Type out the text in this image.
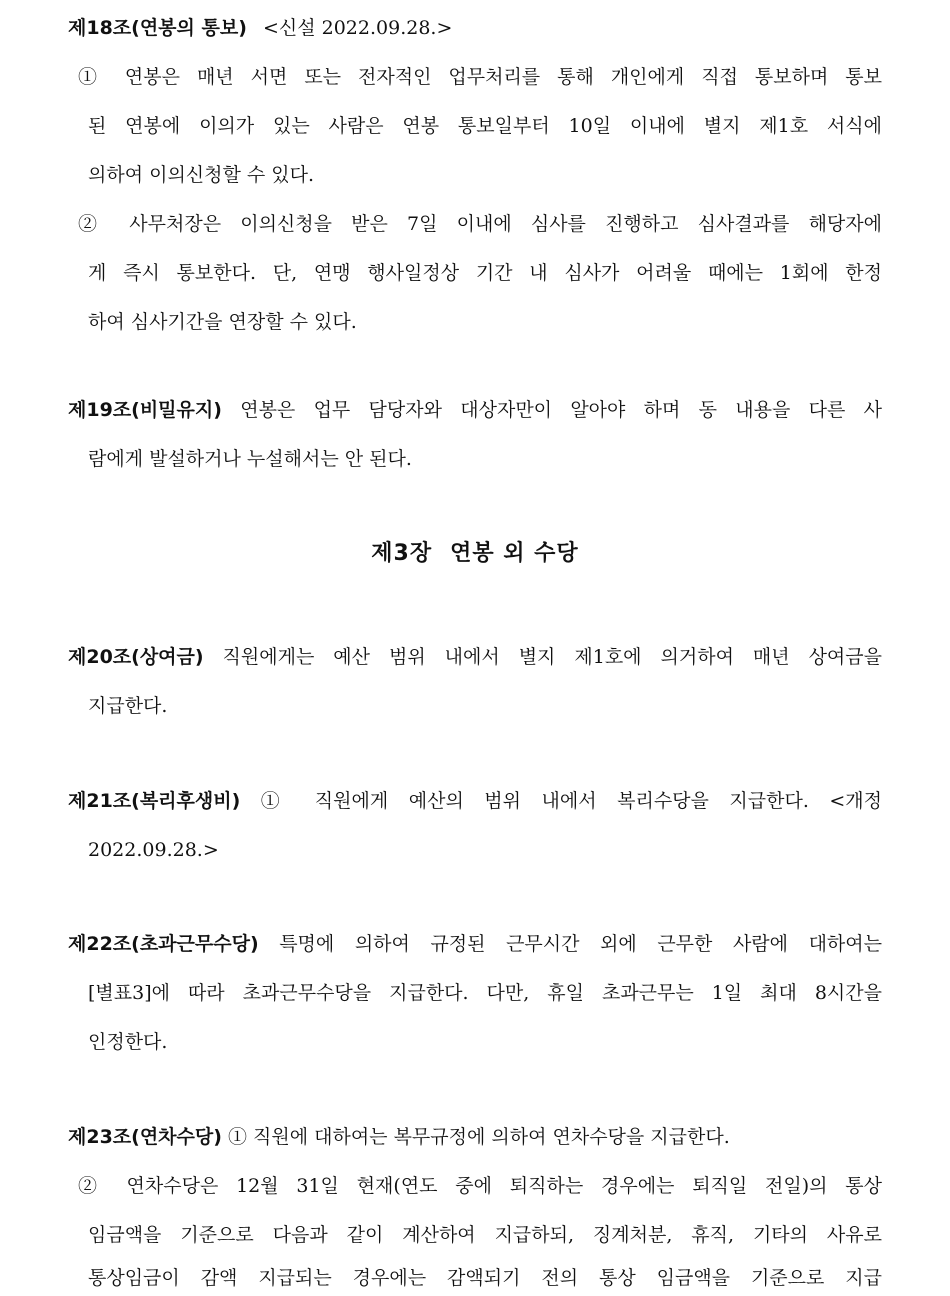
제18조(연봉의 통보) <신설 2022.09.28.>
① 연봉은 매년 서면 또는 전자적인 업무처리를 통해 개인에게 직접 통보하며 통보
된 연봉에 이의가 있는 사람은 연봉 통보일부터 10일 이내에 별지 제1호 서식에
의하여 이의신청할 수 있다.
② 사무처장은 이의신청을 받은 7일 이내에 심사를 진행하고 심사결과를 해당자에
게 즉시 통보한다. 단, 연맹 행사일정상 기간 내 심사가 어려울 때에는 1회에 한정
하여 심사기간을 연장할 수 있다.
제19조(비밀유지) 연봉은 업무 담당자와 대상자만이 알아야 하며 동 내용을 다른 사
람에게 발설하거나 누설해서는 안 된다.
제3장 연봉 외 수당
제20조(상여금) 직원에게는 예산 범위 내에서 별지 제1호에 의거하여 매년 상여금을
지급한다.
제21조(복리후생비) ① 직원에게 예산의 범위 내에서 복리수당을 지급한다. <개정
2022.09.28.>
제22조(초과근무수당) 특명에 의하여 규정된 근무시간 외에 근무한 사람에 대하여는
[별표3]에 따라 초과근무수당을 지급한다. 다만, 휴일 초과근무는 1일 최대 8시간을
인정한다.
제23조(연차수당) ① 직원에 대하여는 복무규정에 의하여 연차수당을 지급한다.
② 연차수당은 12월 31일 현재(연도 중에 퇴직하는 경우에는 퇴직일 전일)의 통상
임금액을 기준으로 다음과 같이 계산하여 지급하되, 징계처분, 휴직, 기타의 사유로
통상임금이 감액 지급되는 경우에는 감액되기 전의 통상 임금액을 기준으로 지급
